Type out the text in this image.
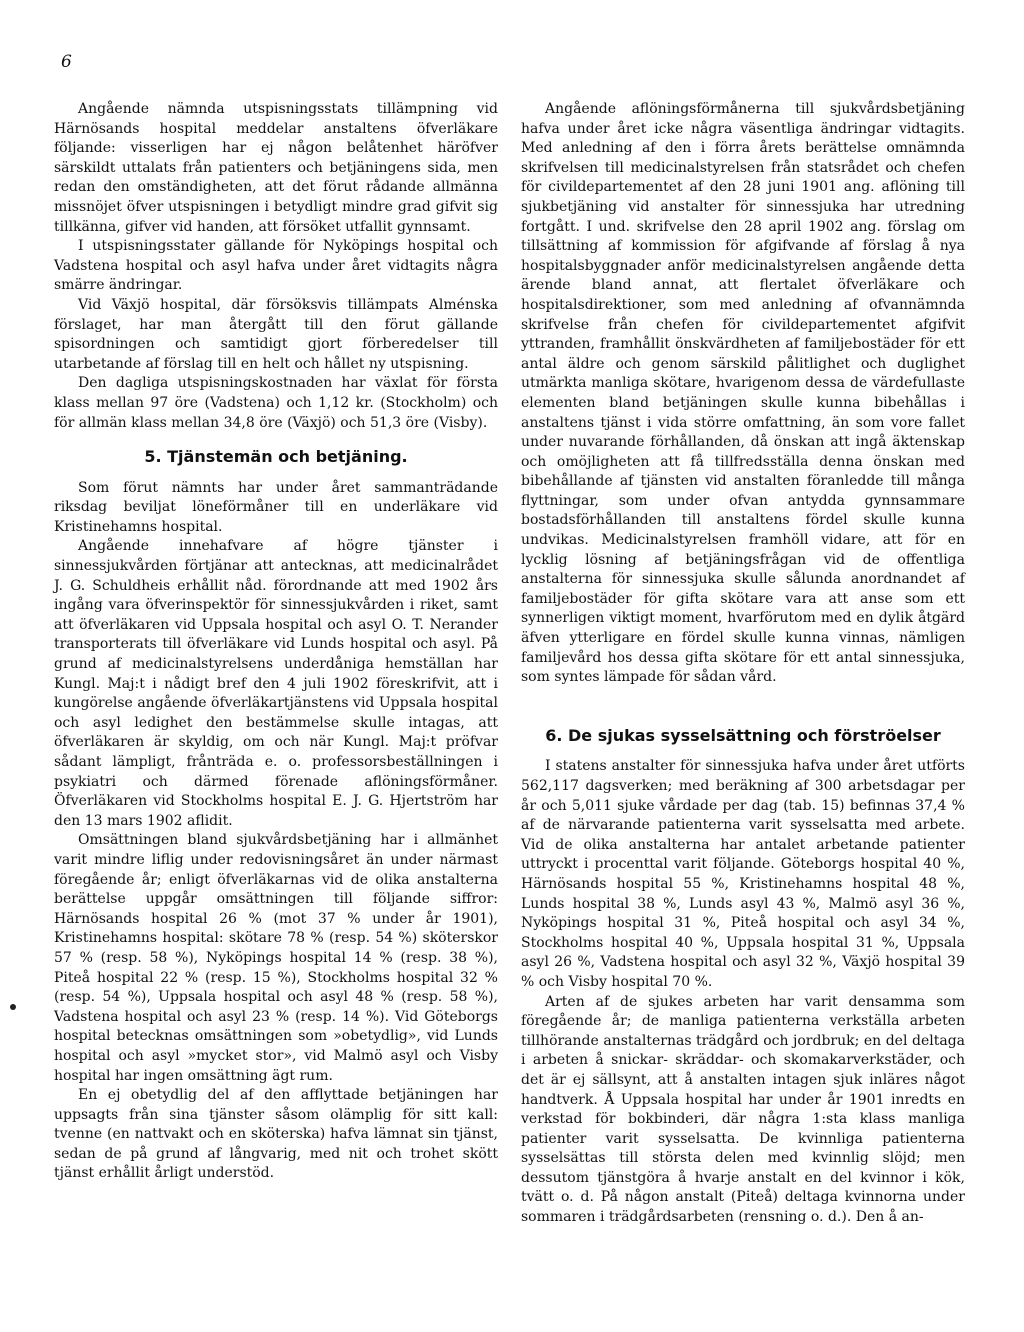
6

Angående nämnda utspisningsstats tillämpning vid Härnösands hospital meddelar anstaltens öfverläkare följande: visserligen har ej någon belåtenhet häröfver särskildt uttalats från patienters och betjäningens sida, men redan den omständigheten, att det förut rådande allmänna missnöjet öfver utspisningen i betydligt mindre grad gifvit sig tillkänna, gifver vid handen, att försöket utfallit gynnsamt.

I utspisningsstater gällande för Nyköpings hospital och Vadstena hospital och asyl hafva under året vidtagits några smärre ändringar.

Vid Växjö hospital, där försöksvis tillämpats Alménska förslaget, har man återgått till den förut gällande spisordningen och samtidigt gjort förberedelser till utarbetande af förslag till en helt och hållet ny utspisning.

Den dagliga utspisningskostnaden har växlat för första klass mellan 97 öre (Vadstena) och 1,12 kr. (Stockholm) och för allmän klass mellan 34,8 öre (Växjö) och 51,3 öre (Visby).

5. Tjänstemän och betjäning.

Som förut nämnts har under året sammanträdande riksdag beviljat löneförmåner till en underläkare vid Kristinehamns hospital.

Angående innehafvare af högre tjänster i sinnessjukvården förtjänar att antecknas, att medicinalrådet J. G. Schuldheis erhållit nåd. förordnande att med 1902 års ingång vara öfverinspektör för sinnessjukvården i riket, samt att öfverläkaren vid Uppsala hospital och asyl O. T. Nerander transporterats till öfverläkare vid Lunds hospital och asyl. På grund af medicinalstyrelsens underdåniga hemställan har Kungl. Maj:t i nådigt bref den 4 juli 1902 föreskrifvit, att i kungörelse angående öfverläkartjänstens vid Uppsala hospital och asyl ledighet den bestämmelse skulle intagas, att öfverläkaren är skyldig, om och när Kungl. Maj:t pröfvar sådant lämpligt, frånträda e. o. professorsbeställningen i psykiatri och därmed förenade aflöningsförmåner. Öfverläkaren vid Stockholms hospital E. J. G. Hjertström har den 13 mars 1902 aflidit.

Omsättningen bland sjukvårdsbetjäning har i allmänhet varit mindre liflig under redovisningsåret än under närmast föregående år; enligt öfverläkarnas vid de olika anstalterna berättelse uppgår omsättningen till följande siffror: Härnösands hospital 26 % (mot 37 % under år 1901), Kristinehamns hospital: skötare 78 % (resp. 54 %) sköterskor 57 % (resp. 58 %), Nyköpings hospital 14 % (resp. 38 %), Piteå hospital 22 % (resp. 15 %), Stockholms hospital 32 % (resp. 54 %), Uppsala hospital och asyl 48 % (resp. 58 %), Vadstena hospital och asyl 23 % (resp. 14 %). Vid Göteborgs hospital betecknas omsättningen som »obetydlig», vid Lunds hospital och asyl »mycket stor», vid Malmö asyl och Visby hospital har ingen omsättning ägt rum.

En ej obetydlig del af den afflyttade betjäningen har uppsagts från sina tjänster såsom olämplig för sitt kall: tvenne (en nattvakt och en sköterska) hafva lämnat sin tjänst, sedan de på grund af långvarig, med nit och trohet skött tjänst erhållit årligt understöd.

Angående aflöningsförmånerna till sjukvårdsbetjäning hafva under året icke några väsentliga ändringar vidtagits. Med anledning af den i förra årets berättelse omnämnda skrifvelsen till medicinalstyrelsen från statsrådet och chefen för civildepartementet af den 28 juni 1901 ang. aflöning till sjukbetjäning vid anstalter för sinnessjuka har utredning fortgått. I und. skrifvelse den 28 april 1902 ang. förslag om tillsättning af kommission för afgifvande af förslag å nya hospitalsbyggnader anför medicinalstyrelsen angående detta ärende bland annat, att flertalet öfverläkare och hospitalsdirektioner, som med anledning af ofvannämnda skrifvelse från chefen för civildepartementet afgifvit yttranden, framhållit önskvärdheten af familjebostäder för ett antal äldre och genom särskild pålitlighet och duglighet utmärkta manliga skötare, hvarigenom dessa de värdefullaste elementen bland betjäningen skulle kunna bibehållas i anstaltens tjänst i vida större omfattning, än som vore fallet under nuvarande förhållanden, då önskan att ingå äktenskap och omöjligheten att få tillfredsställa denna önskan med bibehållande af tjänsten vid anstalten föranledde till många flyttningar, som under ofvan antydda gynnsammare bostadsförhållanden till anstaltens fördel skulle kunna undvikas. Medicinalstyrelsen framhöll vidare, att för en lycklig lösning af betjäningsfrågan vid de offentliga anstalterna för sinnessjuka skulle sålunda anordnandet af familjebostäder för gifta skötare vara att anse som ett synnerligen viktigt moment, hvarförutom med en dylik åtgärd äfven ytterligare en fördel skulle kunna vinnas, nämligen familjevård hos dessa gifta skötare för ett antal sinnessjuka, som syntes lämpade för sådan vård.

6. De sjukas sysselsättning och förströelser

I statens anstalter för sinnessjuka hafva under året utförts 562,117 dagsverken; med beräkning af 300 arbetsdagar per år och 5,011 sjuke vårdade per dag (tab. 15) befinnas 37,4 % af de närvarande patienterna varit sysselsatta med arbete. Vid de olika anstalterna har antalet arbetande patienter uttryckt i procenttal varit följande. Göteborgs hospital 40 %, Härnösands hospital 55 %, Kristinehamns hospital 48 %, Lunds hospital 38 %, Lunds asyl 43 %, Malmö asyl 36 %, Nyköpings hospital 31 %, Piteå hospital och asyl 34 %, Stockholms hospital 40 %, Uppsala hospital 31 %, Uppsala asyl 26 %, Vadstena hospital och asyl 32 %, Växjö hospital 39 % och Visby hospital 70 %.

Arten af de sjukes arbeten har varit densamma som föregående år; de manliga patienterna verkställa arbeten tillhörande anstalternas trädgård och jordbruk; en del deltaga i arbeten å snickar- skräddar- och skomakarverkstäder, och det är ej sällsynt, att å anstalten intagen sjuk inläres något handtverk. Å Uppsala hospital har under år 1901 inredts en verkstad för bokbinderi, där några 1:sta klass manliga patienter varit sysselsatta. De kvinnliga patienterna sysselsättas till största delen med kvinnlig slöjd; men dessutom tjänstgöra å hvarje anstalt en del kvinnor i kök, tvätt o. d. På någon anstalt (Piteå) deltaga kvinnorna under sommaren i trädgårdsarbeten (rensning o. d.). Den å an-
